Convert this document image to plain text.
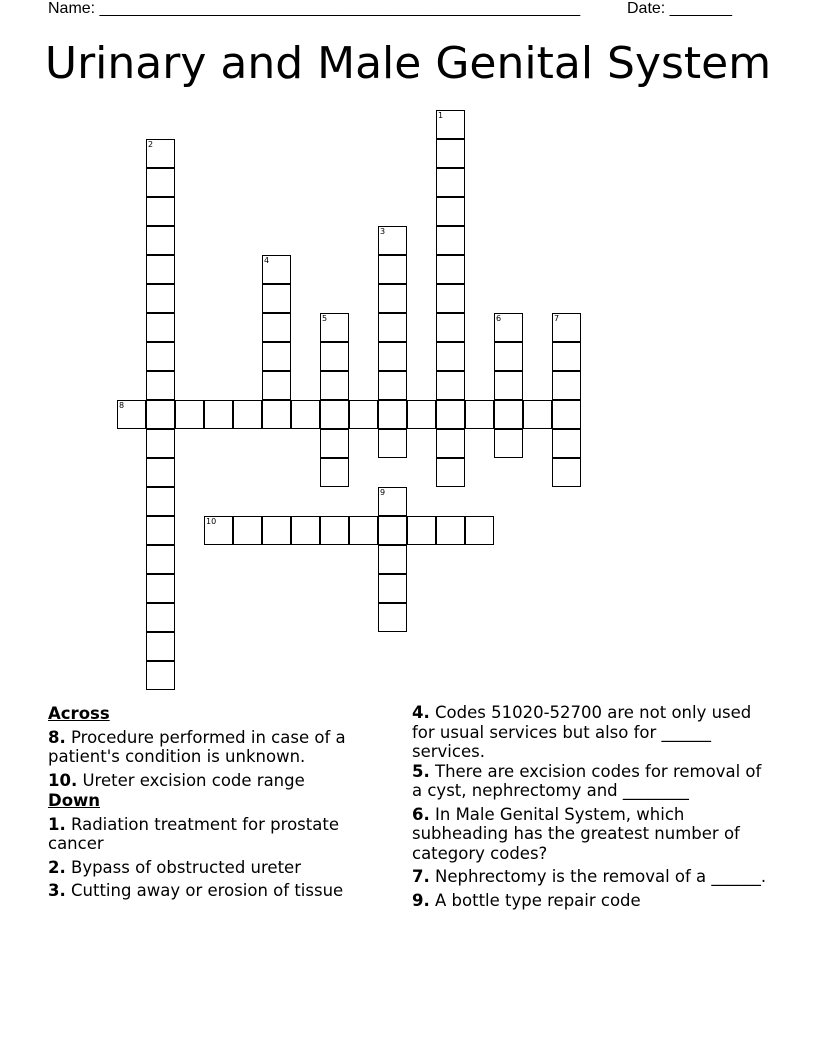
Name: ______________________________________________________	Date: _______
Urinary and Male Genital System
1
2
3
4
5	6	7
8
9
10
Across
8. Procedure performed in case of a patient's condition is unknown.
10. Ureter excision code range
Down
1. Radiation treatment for prostate cancer
2. Bypass of obstructed ureter
3. Cutting away or erosion of tissue
4. Codes 51020-52700 are not only used for usual services but also for ______ services.
5. There are excision codes for removal of a cyst, nephrectomy and ________
6. In Male Genital System, which subheading has the greatest number of category codes?
7. Nephrectomy is the removal of a ______.
9. A bottle type repair code
